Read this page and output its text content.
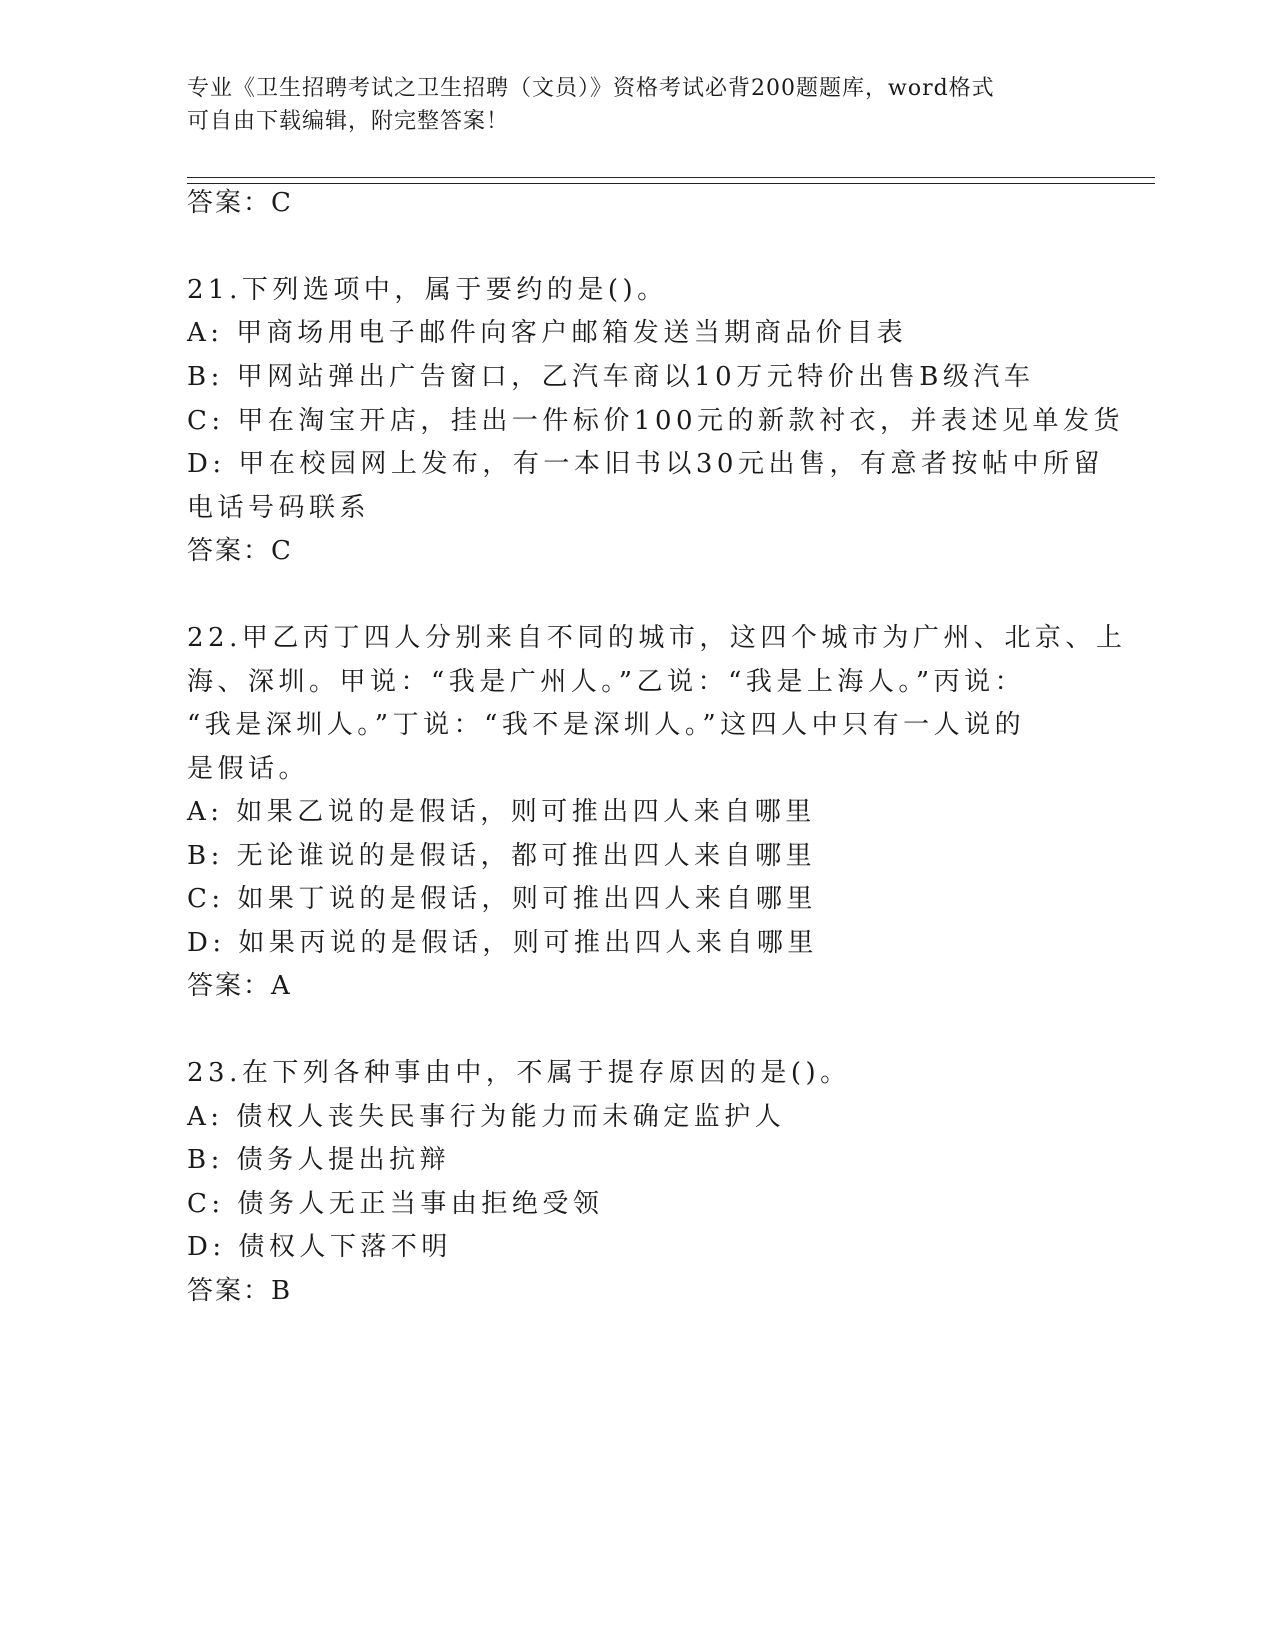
专业《卫生招聘考试之卫生招聘（文员）》资格考试必背200题题库，word格式
可自由下载编辑，附完整答案！
答案：C
21.下列选项中，属于要约的是()。
A: 甲商场用电子邮件向客户邮箱发送当期商品价目表
B: 甲网站弹出广告窗口，乙汽车商以10万元特价出售B级汽车
C: 甲在淘宝开店，挂出一件标价100元的新款衬衣，并表述见单发货
D: 甲在校园网上发布，有一本旧书以30元出售，有意者按帖中所留
电话号码联系
答案：C
22.甲乙丙丁四人分别来自不同的城市，这四个城市为广州、北京、上
海、深圳。甲说：“我是广州人。”乙说：“我是上海人。”丙说：
“我是深圳人。”丁说：“我不是深圳人。”这四人中只有一人说的
是假话。
A: 如果乙说的是假话，则可推出四人来自哪里
B: 无论谁说的是假话，都可推出四人来自哪里
C: 如果丁说的是假话，则可推出四人来自哪里
D: 如果丙说的是假话，则可推出四人来自哪里
答案：A
23.在下列各种事由中，不属于提存原因的是()。
A: 债权人丧失民事行为能力而未确定监护人
B: 债务人提出抗辩
C: 债务人无正当事由拒绝受领
D: 债权人下落不明
答案：B
